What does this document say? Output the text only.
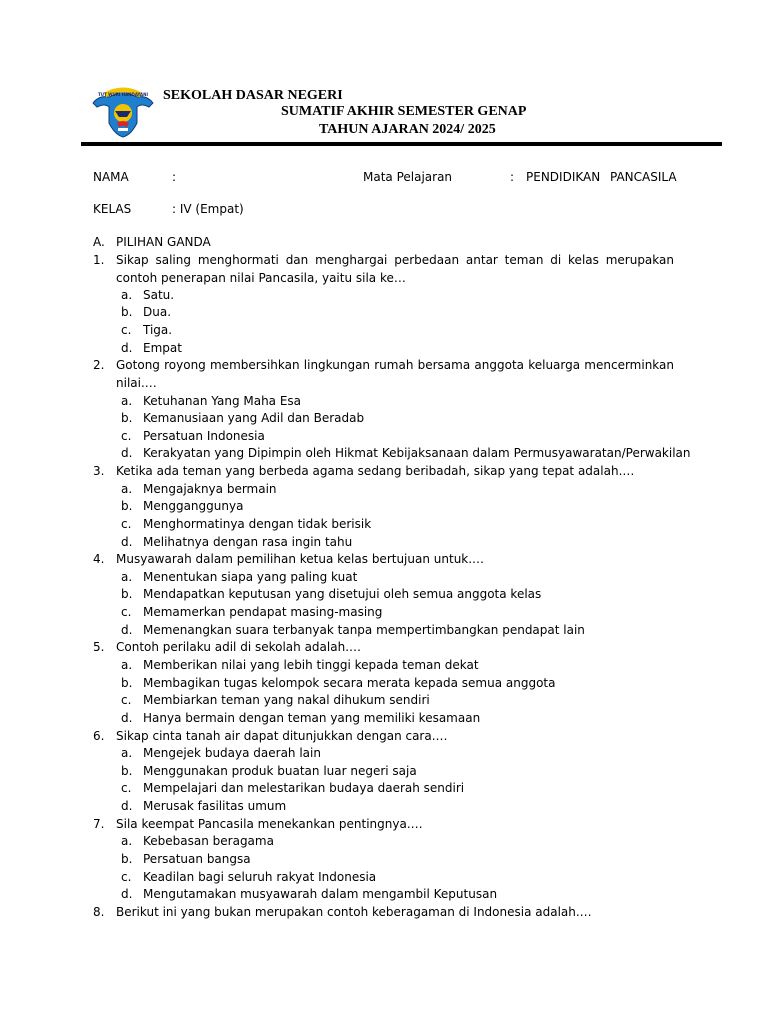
TUT WURI HANDAYANI SEKOLAH DASAR NEGERI
SUMATIF AKHIR SEMESTER GENAP
TAHUN AJARAN 2024/ 2025
NAMA	:	Mata Pelajaran	: PENDIDIKAN PANCASILA
KELAS	: IV (Empat)
A. PILIHAN GANDA
1. Sikap saling menghormati dan menghargai perbedaan antar teman di kelas merupakan contoh penerapan nilai Pancasila, yaitu sila ke…
a. Satu.
b. Dua.
c. Tiga.
d. Empat
2. Gotong royong membersihkan lingkungan rumah bersama anggota keluarga mencerminkan nilai.…
a. Ketuhanan Yang Maha Esa
b. Kemanusiaan yang Adil dan Beradab
c. Persatuan Indonesia
d. Kerakyatan yang Dipimpin oleh Hikmat Kebijaksanaan dalam Permusyawaratan/Perwakilan
3. Ketika ada teman yang berbeda agama sedang beribadah, sikap yang tepat adalah.…
a. Mengajaknya bermain
b. Mengganggunya
c. Menghormatinya dengan tidak berisik
d. Melihatnya dengan rasa ingin tahu
4. Musyawarah dalam pemilihan ketua kelas bertujuan untuk.…
a. Menentukan siapa yang paling kuat
b. Mendapatkan keputusan yang disetujui oleh semua anggota kelas
c. Memamerkan pendapat masing-masing
d. Memenangkan suara terbanyak tanpa mempertimbangkan pendapat lain
5. Contoh perilaku adil di sekolah adalah.…
a. Memberikan nilai yang lebih tinggi kepada teman dekat
b. Membagikan tugas kelompok secara merata kepada semua anggota
c. Membiarkan teman yang nakal dihukum sendiri
d. Hanya bermain dengan teman yang memiliki kesamaan
6. Sikap cinta tanah air dapat ditunjukkan dengan cara.…
a. Mengejek budaya daerah lain
b. Menggunakan produk buatan luar negeri saja
c. Mempelajari dan melestarikan budaya daerah sendiri
d. Merusak fasilitas umum
7. Sila keempat Pancasila menekankan pentingnya.…
a. Kebebasan beragama
b. Persatuan bangsa
c. Keadilan bagi seluruh rakyat Indonesia
d. Mengutamakan musyawarah dalam mengambil Keputusan
8. Berikut ini yang bukan merupakan contoh keberagaman di Indonesia adalah.…
